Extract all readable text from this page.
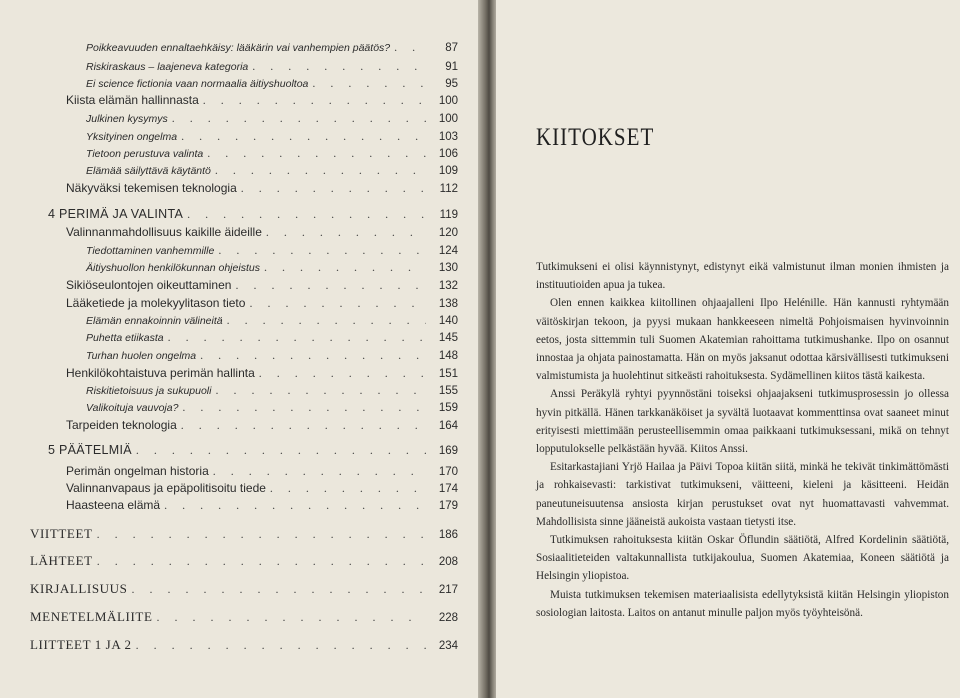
Poikkeavuuden ennaltaehkäisy: lääkärin vai vanhempien päätös? . . .	87
Riskiraskaus – laajeneva kategoria . . .	91
Ei science fictionia vaan normaalia äitiyshuoltoa . . .	95
Kiista elämän hallinnasta . . .	100
Julkinen kysymys . . .	100
Yksityinen ongelma . . .	103
Tietoon perustuva valinta . . .	106
Elämää säilyttävä käytäntö . . .	109
Näkyväksi tekemisen teknologia . . .	112
4 PERIMÄ JA VALINTA . . .	119
Valinnanmahdollisuus kaikille äideille . . .	120
Tiedottaminen vanhemmille . . .	124
Äitiyshuollon henkilökunnan ohjeistus . . .	130
Sikiöseulontojen oikeuttaminen . . .	132
Lääketiede ja molekyylitason tieto . . .	138
Elämän ennakoinnin välineitä . . .	140
Puhetta etiikasta . . .	145
Turhan huolen ongelma . . .	148
Henkilökohtaistuva perimän hallinta . . .	151
Riskitietoisuus ja sukupuoli . . .	155
Valikoituja vauvoja? . . .	159
Tarpeiden teknologia . . .	164
5 PÄÄTELMIÄ . . .	169
Perimän ongelman historia . . .	170
Valinnanvapaus ja epäpolitisoitu tiede . . .	174
Haasteena elämä . . .	179
VIITTEET . . .	186
LÄHTEET . . .	208
KIRJALLISUUS . . .	217
MENETELMÄLIITE . . .	228
LIITTEET 1 JA 2 . . .	234
KIITOKSET

Tutkimukseni ei olisi käynnistynyt, edistynyt eikä valmistunut ilman monien ihmisten ja instituutioiden apua ja tukea.

Olen ennen kaikkea kiitollinen ohjaajalleni Ilpo Helénille. Hän kannusti ryhtymään väitöskirjan tekoon, ja pyysi mukaan hankkeeseen nimeltä Pohjoismaisen hyvinvoinnin eetos, josta sittemmin tuli Suomen Akatemian rahoittama tutkimushanke. Ilpo on osannut innostaa ja ohjata painostamatta. Hän on myös jaksanut odottaa kärsivällisesti tutkimukseni valmistumista ja huolehtinut sitkeästi rahoituksesta. Sydämellinen kiitos tästä kaikesta.

Anssi Peräkylä ryhtyi pyynnöstäni toiseksi ohjaajakseni tutkimusprosessin jo ollessa hyvin pitkällä. Hänen tarkkanäköiset ja syvältä luotaavat kommenttinsa ovat saaneet minut erityisesti miettimään perusteellisemmin omaa paikkaani tutkimuksessani, mikä on tehnyt lopputulokselle pelkästään hyvää. Kiitos Anssi.

Esitarkastajiani Yrjö Hailaa ja Päivi Topoa kiitän siitä, minkä he tekivät tinkimättömästi ja rohkaisevasti: tarkistivat tutkimukseni, väitteeni, kielenі ja käsitteeni. Heidän paneutuneisuutensa ansiosta kirjan perustukset ovat nyt huomattavasti vahvemmat. Mahdollisista sinne jääneistä aukoista vastaan tietysti itse.

Tutkimuksen rahoituksesta kiitän Oskar Öflundin säätiötä, Alfred Kordelinin säätiötä, Sosiaalitieteiden valtakunnallista tutkijakoulua, Suomen Akatemiaa, Koneen säätiötä ja Helsingin yliopistoa.

Muista tutkimuksen tekemisen materiaalisista edellytyksistä kiitän Helsingin yliopiston sosiologian laitosta. Laitos on antanut minulle paljon myös työyhteisönä.
